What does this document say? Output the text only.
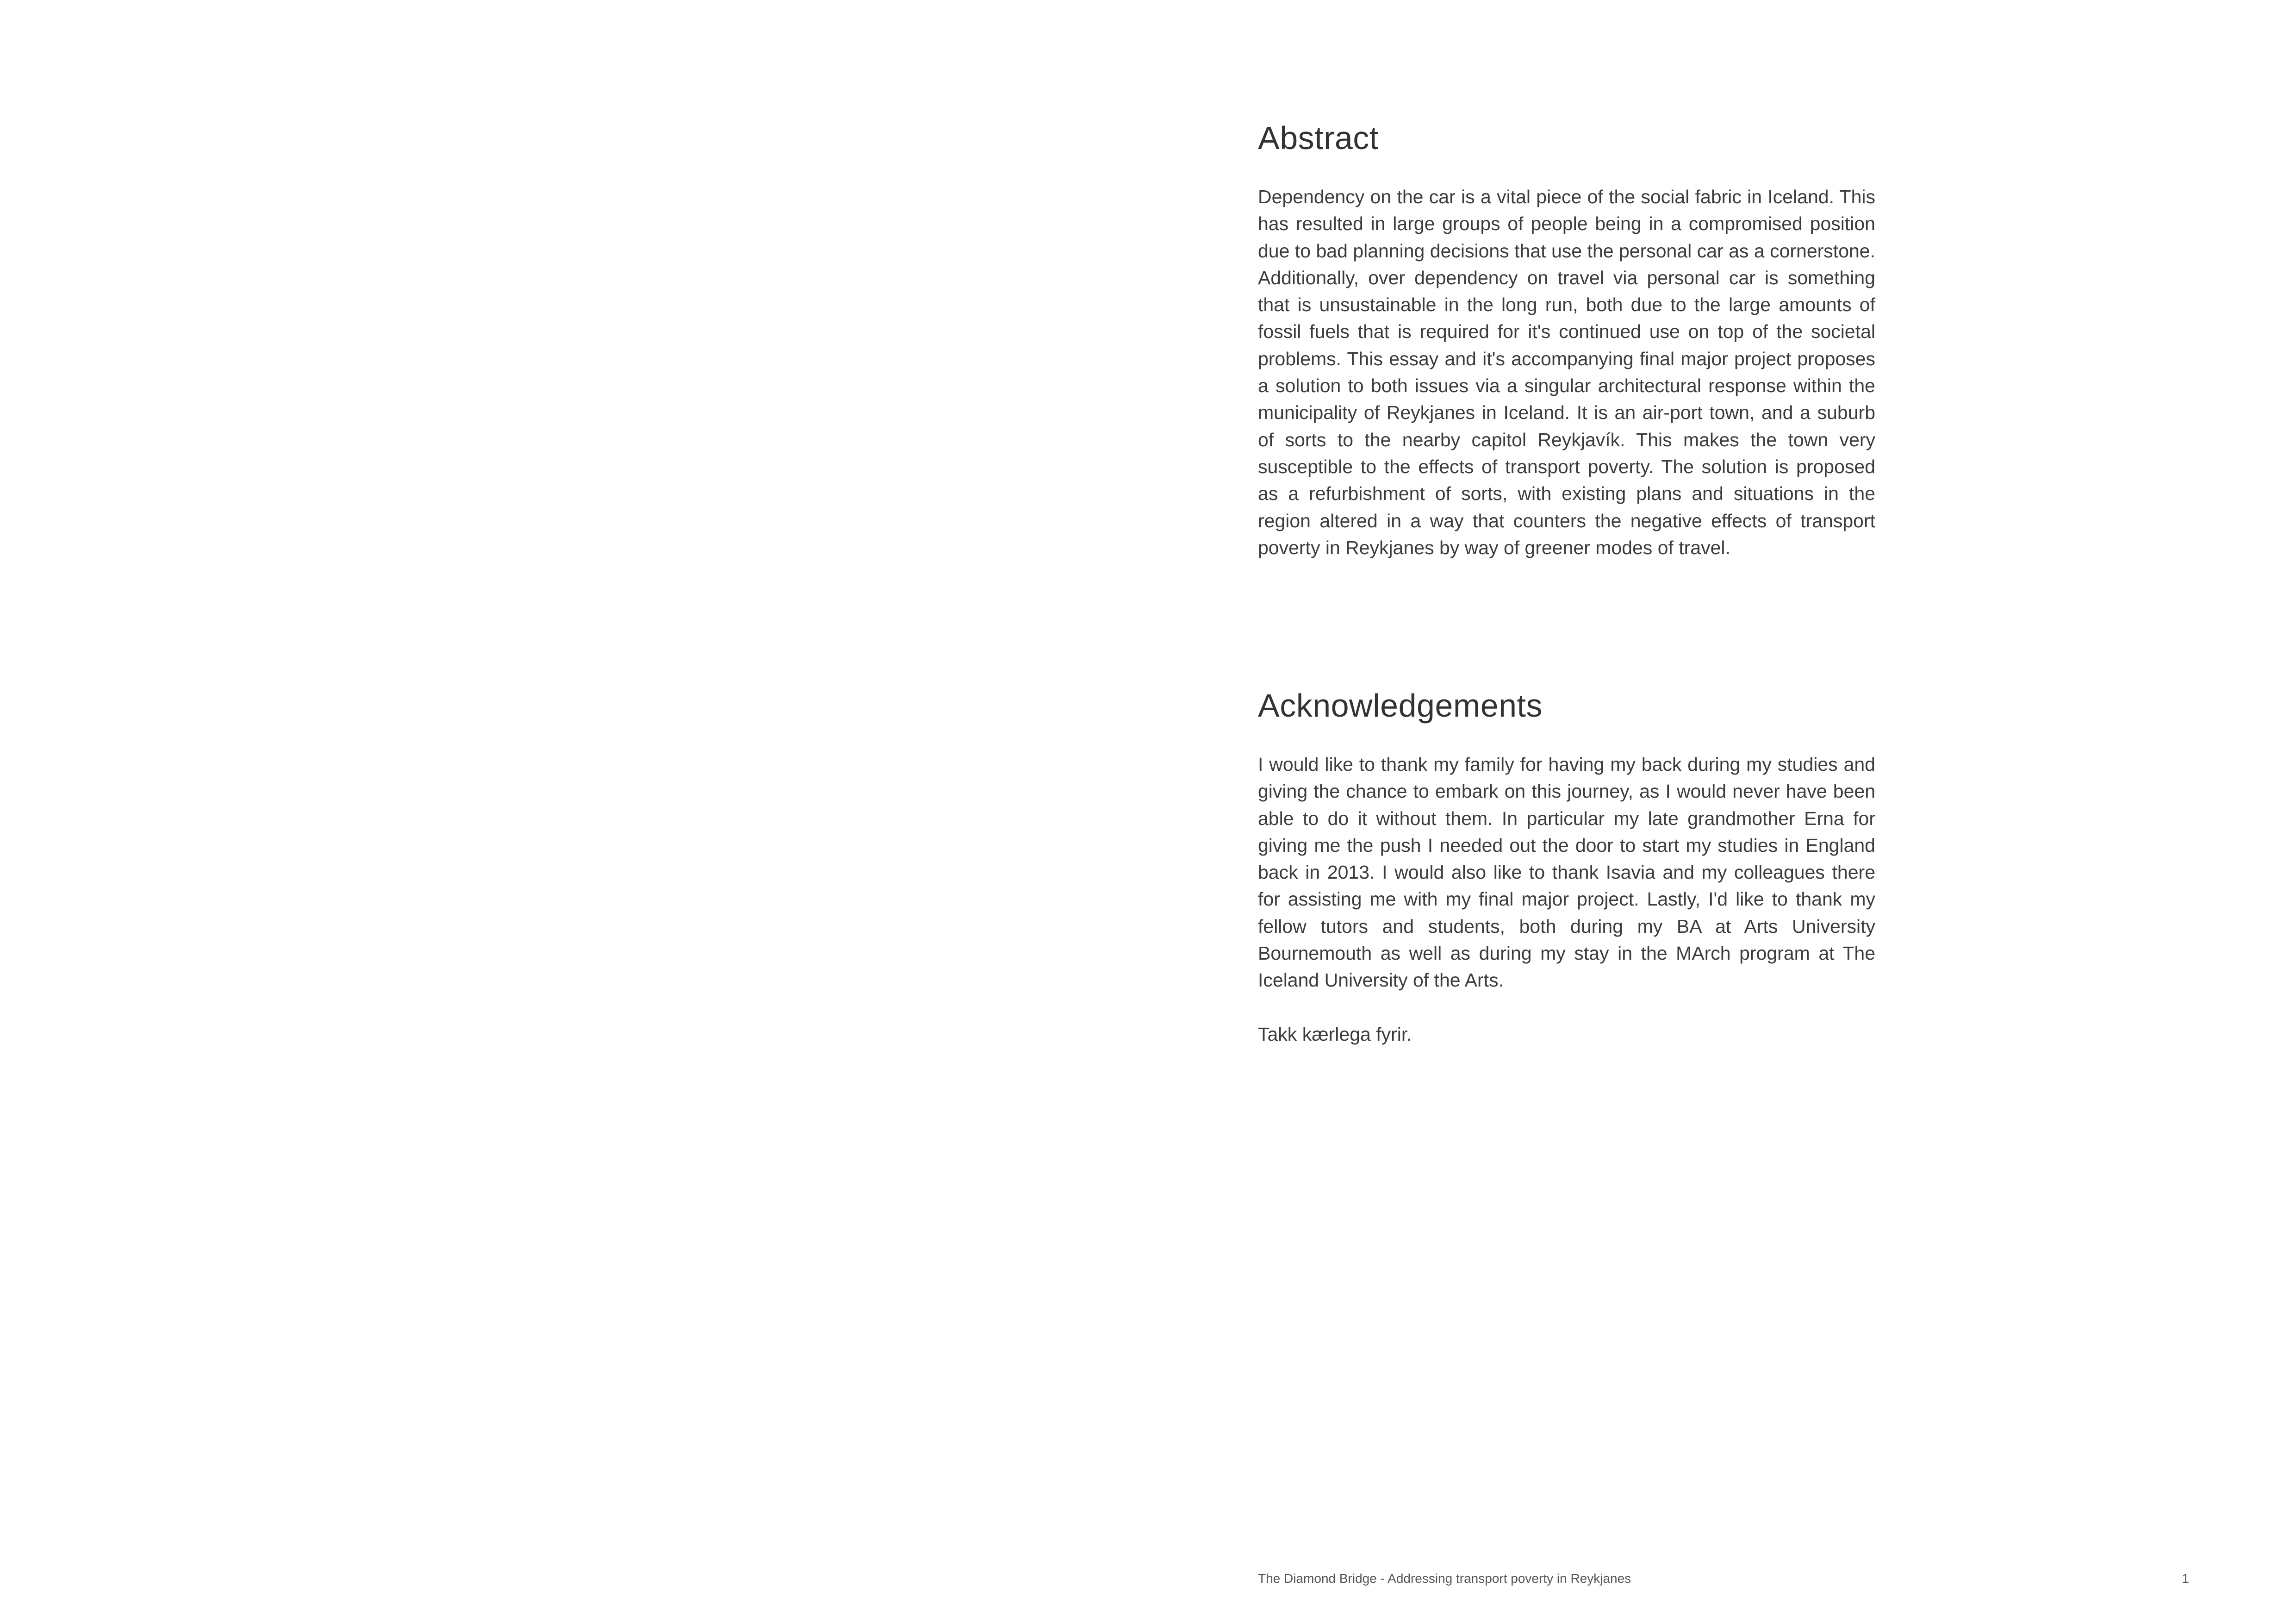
Abstract

Dependency on the car is a vital piece of the social fabric in Iceland. This has resulted in large groups of people being in a compromised position due to bad planning decisions that use the personal car as a cornerstone. Additionally, over dependency on travel via personal car is something that is unsustainable in the long run, both due to the large amounts of fossil fuels that is required for it's continued use on top of the societal problems. This essay and it's accompanying final major project proposes a solution to both issues via a singular architectural response within the municipality of Reykjanes in Iceland. It is an air-port town, and a suburb of sorts to the nearby capitol Reykjavík. This makes the town very susceptible to the effects of transport poverty. The solution is proposed as a refurbishment of sorts, with existing plans and situations in the region altered in a way that counters the negative effects of transport poverty in Reykjanes by way of greener modes of travel.

Acknowledgements

I would like to thank my family for having my back during my studies and giving the chance to embark on this journey, as I would never have been able to do it without them. In particular my late grandmother Erna for giving me the push I needed out the door to start my studies in England back in 2013. I would also like to thank Isavia and my colleagues there for assisting me with my final major project. Lastly, I'd like to thank my fellow tutors and students, both during my BA at Arts University Bournemouth as well as during my stay in the MArch program at The Iceland University of the Arts.

Takk kærlega fyrir.

The Diamond Bridge - Addressing transport poverty in Reykjanes	1
